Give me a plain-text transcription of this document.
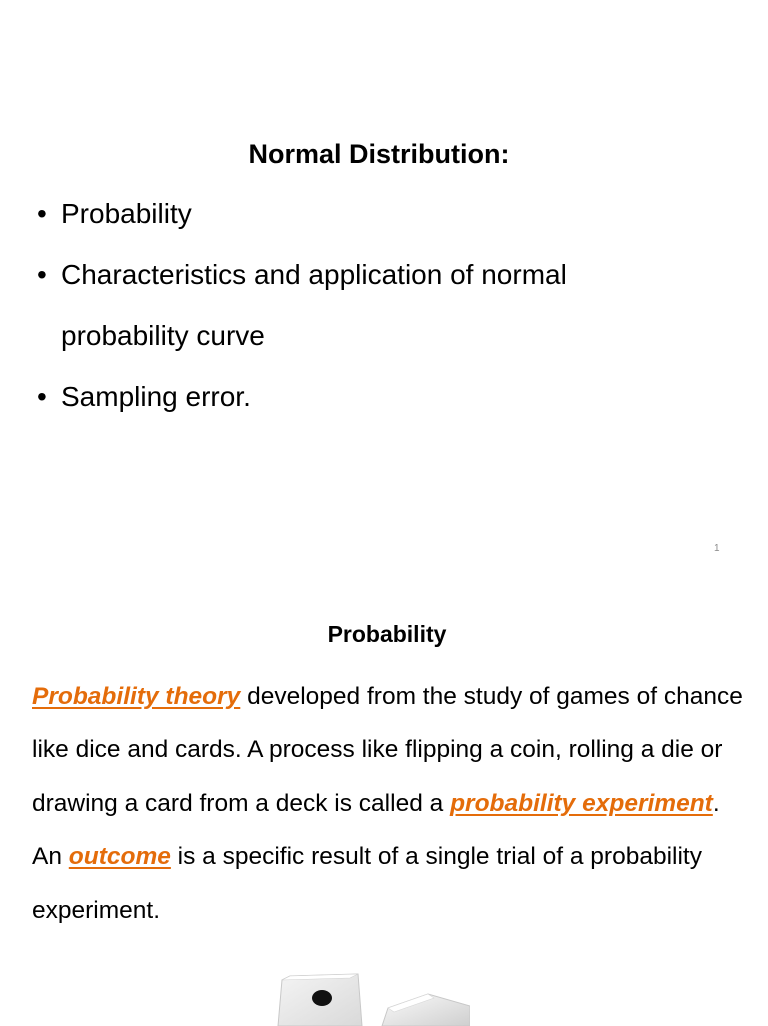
Normal Distribution:
• Probability
• Characteristics and application of normal
probability curve
• Sampling error.
1
Probability
Probability theory developed from the study of games of chance like dice and cards. A process like flipping a coin, rolling a die or drawing a card from a deck is called a probability experiment. An outcome is a specific result of a single trial of a probability experiment.
